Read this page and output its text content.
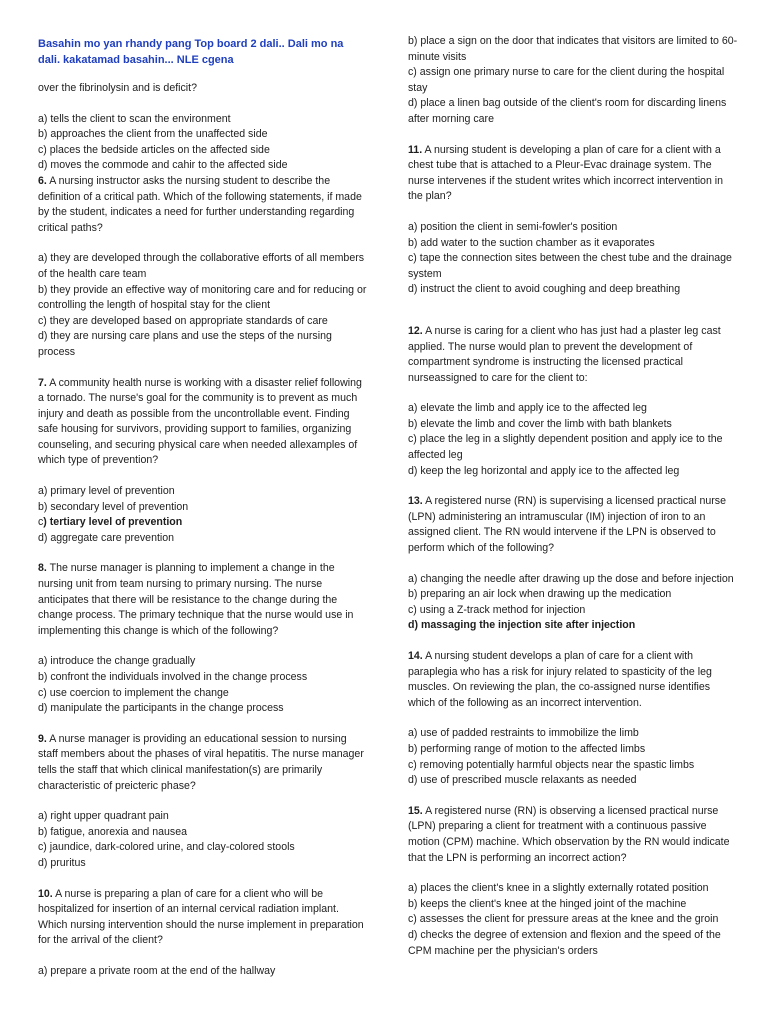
Basahin mo yan rhandy pang Top board 2 dali.. Dali mo na dali. kakatamad basahin... NLE cgena

over the fibrinolysin and is deficit?

a) tells the client to scan the environment
b) approaches the client from the unaffected side
c) places the bedside articles on the affected side
d) moves the commode and cahir to the affected side

6. A nursing instructor asks the nursing student to describe the definition of a critical path. Which of the following statements, if made by the student, indicates a need for further understanding regarding critical paths?

a) they are developed through the collaborative efforts of all members of the health care team
b) they provide an effective way of monitoring care and for reducing or controlling the length of hospital stay for the client
c) they are developed based on appropriate standards of care
d) they are nursing care plans and use the steps of the nursing process

7. A community health nurse is working with a disaster relief following a tornado. The nurse's goal for the community is to prevent as much injury and death as possible from the uncontrollable event. Finding safe housing for survivors, providing support to families, organizing counseling, and securing physical care when needed allexamples of which type of prevention?

a) primary level of prevention
b) secondary level of prevention
c) tertiary level of prevention
d) aggregate care prevention

8. The nurse manager is planning to implement a change in the nursing unit from team nursing to primary nursing. The nurse anticipates that there will be resistance to the change during the change process. The primary technique that the nurse would use in implementing this change is which of the following?

a) introduce the change gradually
b) confront the individuals involved in the change process
c) use coercion to implement the change
d) manipulate the participants in the change process

9. A nurse manager is providing an educational session to nursing staff members about the phases of viral hepatitis. The nurse manager tells the staff that which clinical manifestation(s) are primarily characteristic of preicteric phase?

a) right upper quadrant pain
b) fatigue, anorexia and nausea
c) jaundice, dark-colored urine, and clay-colored stools
d) pruritus

10. A nurse is preparing a plan of care for a client who will be hospitalized for insertion of an internal cervical radiation implant. Which nursing intervention should the nurse implement in preparation for the arrival of the client?

a) prepare a private room at the end of the hallway
b) place a sign on the door that indicates that visitors are limited to 60-minute visits
c) assign one primary nurse to care for the client during the hospital stay
d) place a linen bag outside of the client's room for discarding linens after morning care

11. A nursing student is developing a plan of care for a client with a chest tube that is attached to a Pleur-Evac drainage system. The nurse intervenes if the student writes which incorrect intervention in the plan?

a) position the client in semi-fowler's position
b) add water to the suction chamber as it evaporates
c) tape the connection sites between the chest tube and the drainage system
d) instruct the client to avoid coughing and deep breathing

12. A nurse is caring for a client who has just had a plaster leg cast applied. The nurse would plan to prevent the development of compartment syndrome is instructing the licensed practical nurseassigned to care for the client to:

a) elevate the limb and apply ice to the affected leg
b) elevate the limb and cover the limb with bath blankets
c) place the leg in a slightly dependent position and apply ice to the affected leg
d) keep the leg horizontal and apply ice to the affected leg

13. A registered nurse (RN) is supervising a licensed practical nurse (LPN) administering an intramuscular (IM) injection of iron to an assigned client. The RN would intervene if the LPN is observed to perform which of the following?

a) changing the needle after drawing up the dose and before injection
b) preparing an air lock when drawing up the medication
c) using a Z-track method for injection
d) massaging the injection site after injection

14. A nursing student develops a plan of care for a client with paraplegia who has a risk for injury related to spasticity of the leg muscles. On reviewing the plan, the co-assigned nurse identifies which of the following as an incorrect intervention.

a) use of padded restraints to immobilize the limb
b) performing range of motion to the affected limbs
c) removing potentially harmful objects near the spastic limbs
d) use of prescribed muscle relaxants as needed

15. A registered nurse (RN) is observing a licensed practical nurse (LPN) preparing a client for treatment with a continuous passive motion (CPM) machine. Which observation by the RN would indicate that the LPN is performing an incorrect action?

a) places the client's knee in a slightly externally rotated position
b) keeps the client's knee at the hinged joint of the machine
c) assesses the client for pressure areas at the knee and the groin
d) checks the degree of extension and flexion and the speed of the CPM machine per the physician's orders
